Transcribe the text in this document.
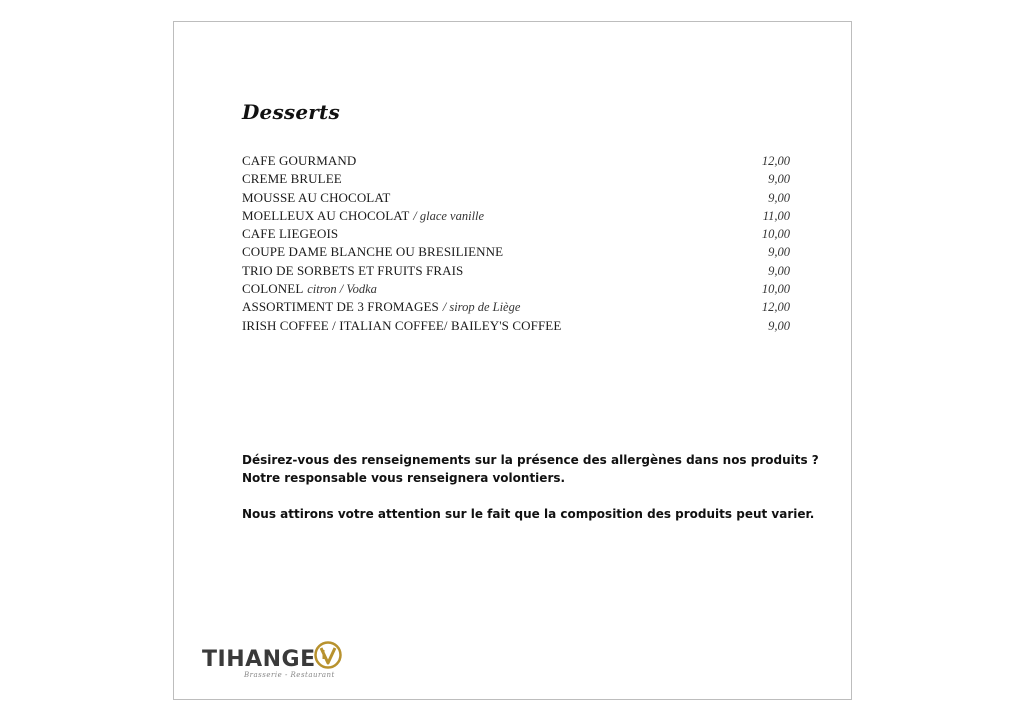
Desserts
CAFE GOURMAND	12,00
CREME BRULEE	9,00
MOUSSE AU CHOCOLAT	9,00
MOELLEUX AU CHOCOLAT / glace vanille	11,00
CAFE LIEGEOIS	10,00
COUPE DAME BLANCHE OU BRESILIENNE	9,00
TRIO DE SORBETS ET FRUITS FRAIS	9,00
COLONEL citron / Vodka	10,00
ASSORTIMENT DE 3 FROMAGES / sirop de Liège	12,00
IRISH COFFEE / ITALIAN COFFEE/ BAILEY'S COFFEE	9,00

Désirez-vous des renseignements sur la présence des allergènes dans nos produits ?

Notre responsable vous renseignera volontiers.

Nous attirons votre attention sur le fait que la composition des produits peut varier.

TIHANGE
Brasserie - Restaurant
